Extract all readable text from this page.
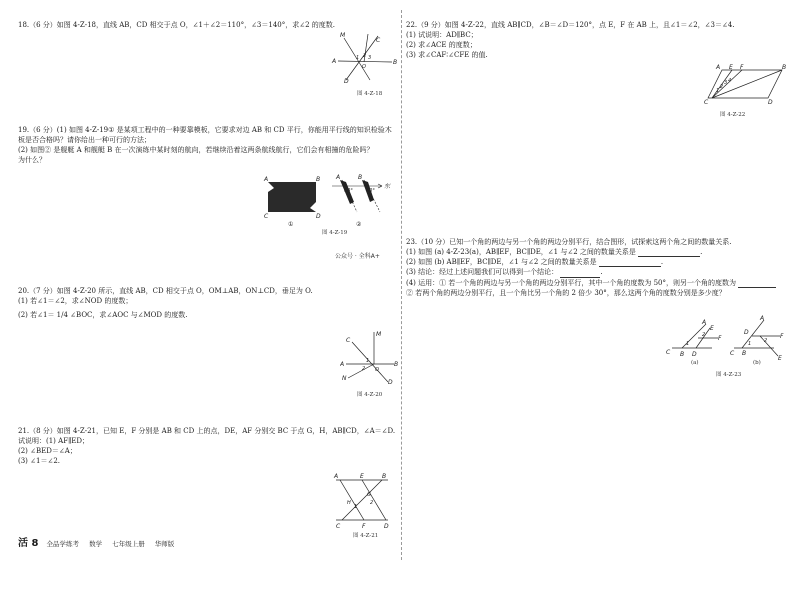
18.（6 分）如图 4-Z-18，直线 AB，CD 相交于点 O，∠1＋∠2＝110°，∠3＝140°，求∠2 的度数.

M
C
A	B
D
O
1 2 3
图 4-Z-18

19.（6 分）(1) 如图 4-Z-19① 是某项工程中的一种要靠模板，它要求对边 AB 和 CD 平行，你能用平行线的知识检验木

板是否合格吗？请你给出一种可行的方法；

(2) 如图② 是舰艇 A 和舰艇 B 在一次演练中某时刻的航向，若继续沿着这两条航线航行，它们会有相撞的危险吗？

为什么？

A	B
C	D
A	B
60°	60°
东
①	②
图 4-Z-19
公众号 · 全科A+

20.（7 分）如图 4-Z-20 所示，直线 AB，CD 相交于点 O，OM⊥AB，ON⊥CD，垂足为 O.

(1) 若∠1＝∠2，求∠NOD 的度数；

(2) 若∠1＝ 1/4 ∠BOC，求∠AOC 与∠MOD 的度数.

M
C
A	B
D
N
O
1
2
图 4-Z-20

21.（8 分）如图 4-Z-21，已知 E，F 分别是 AB 和 CD 上的点，DE，AF 分别交 BC 于点 G，H，AB∥CD，∠A＝∠D.

试说明：(1) AF∥ED；

(2) ∠BED＝∠A；

(3) ∠1＝∠2.

A	E	B
G
H
1
2
C	D
F
图 4-Z-21
活 8 全品学练考 数学 七年级上册 华师版

22.（9 分）如图 4-Z-22，直线 AB∥CD，∠B＝∠D＝120°，点 E，F 在 AB 上，且∠1＝∠2，∠3＝∠4.

(1) 试说明：AD∥BC；

(2) 求∠ACE 的度数；

(3) 求∠CAF∶∠CFE 的值.

A E F	B
C	D
1
2
3 4
图 4-Z-22

23.（10 分）已知一个角的两边与另一个角的两边分别平行，结合图形，试探索这两个角之间的数量关系.

(1) 如图 (a) 4-Z-23(a)，AB∥EF，BC∥DE，∠1 与∠2 之间的数量关系是	.

(2) 如图 (b) AB∥EF，BC∥DE，∠1 与∠2 之间的数量关系是	.

(3) 结论：经过上述问题我们可以得到一个结论：	.

(4) 运用：① 若一个角的两边与另一个角的两边分别平行，其中一个角的度数为 50°，则另一个角的度数为

② 若两个角的两边分别平行，且一个角比另一个角的 2 倍少 30°，那么这两个角的度数分别是多少度？

A
E
C	D
B
F
1
2
(a)
A
D
C B
E
F
1	2
(b)
图 4-Z-23
